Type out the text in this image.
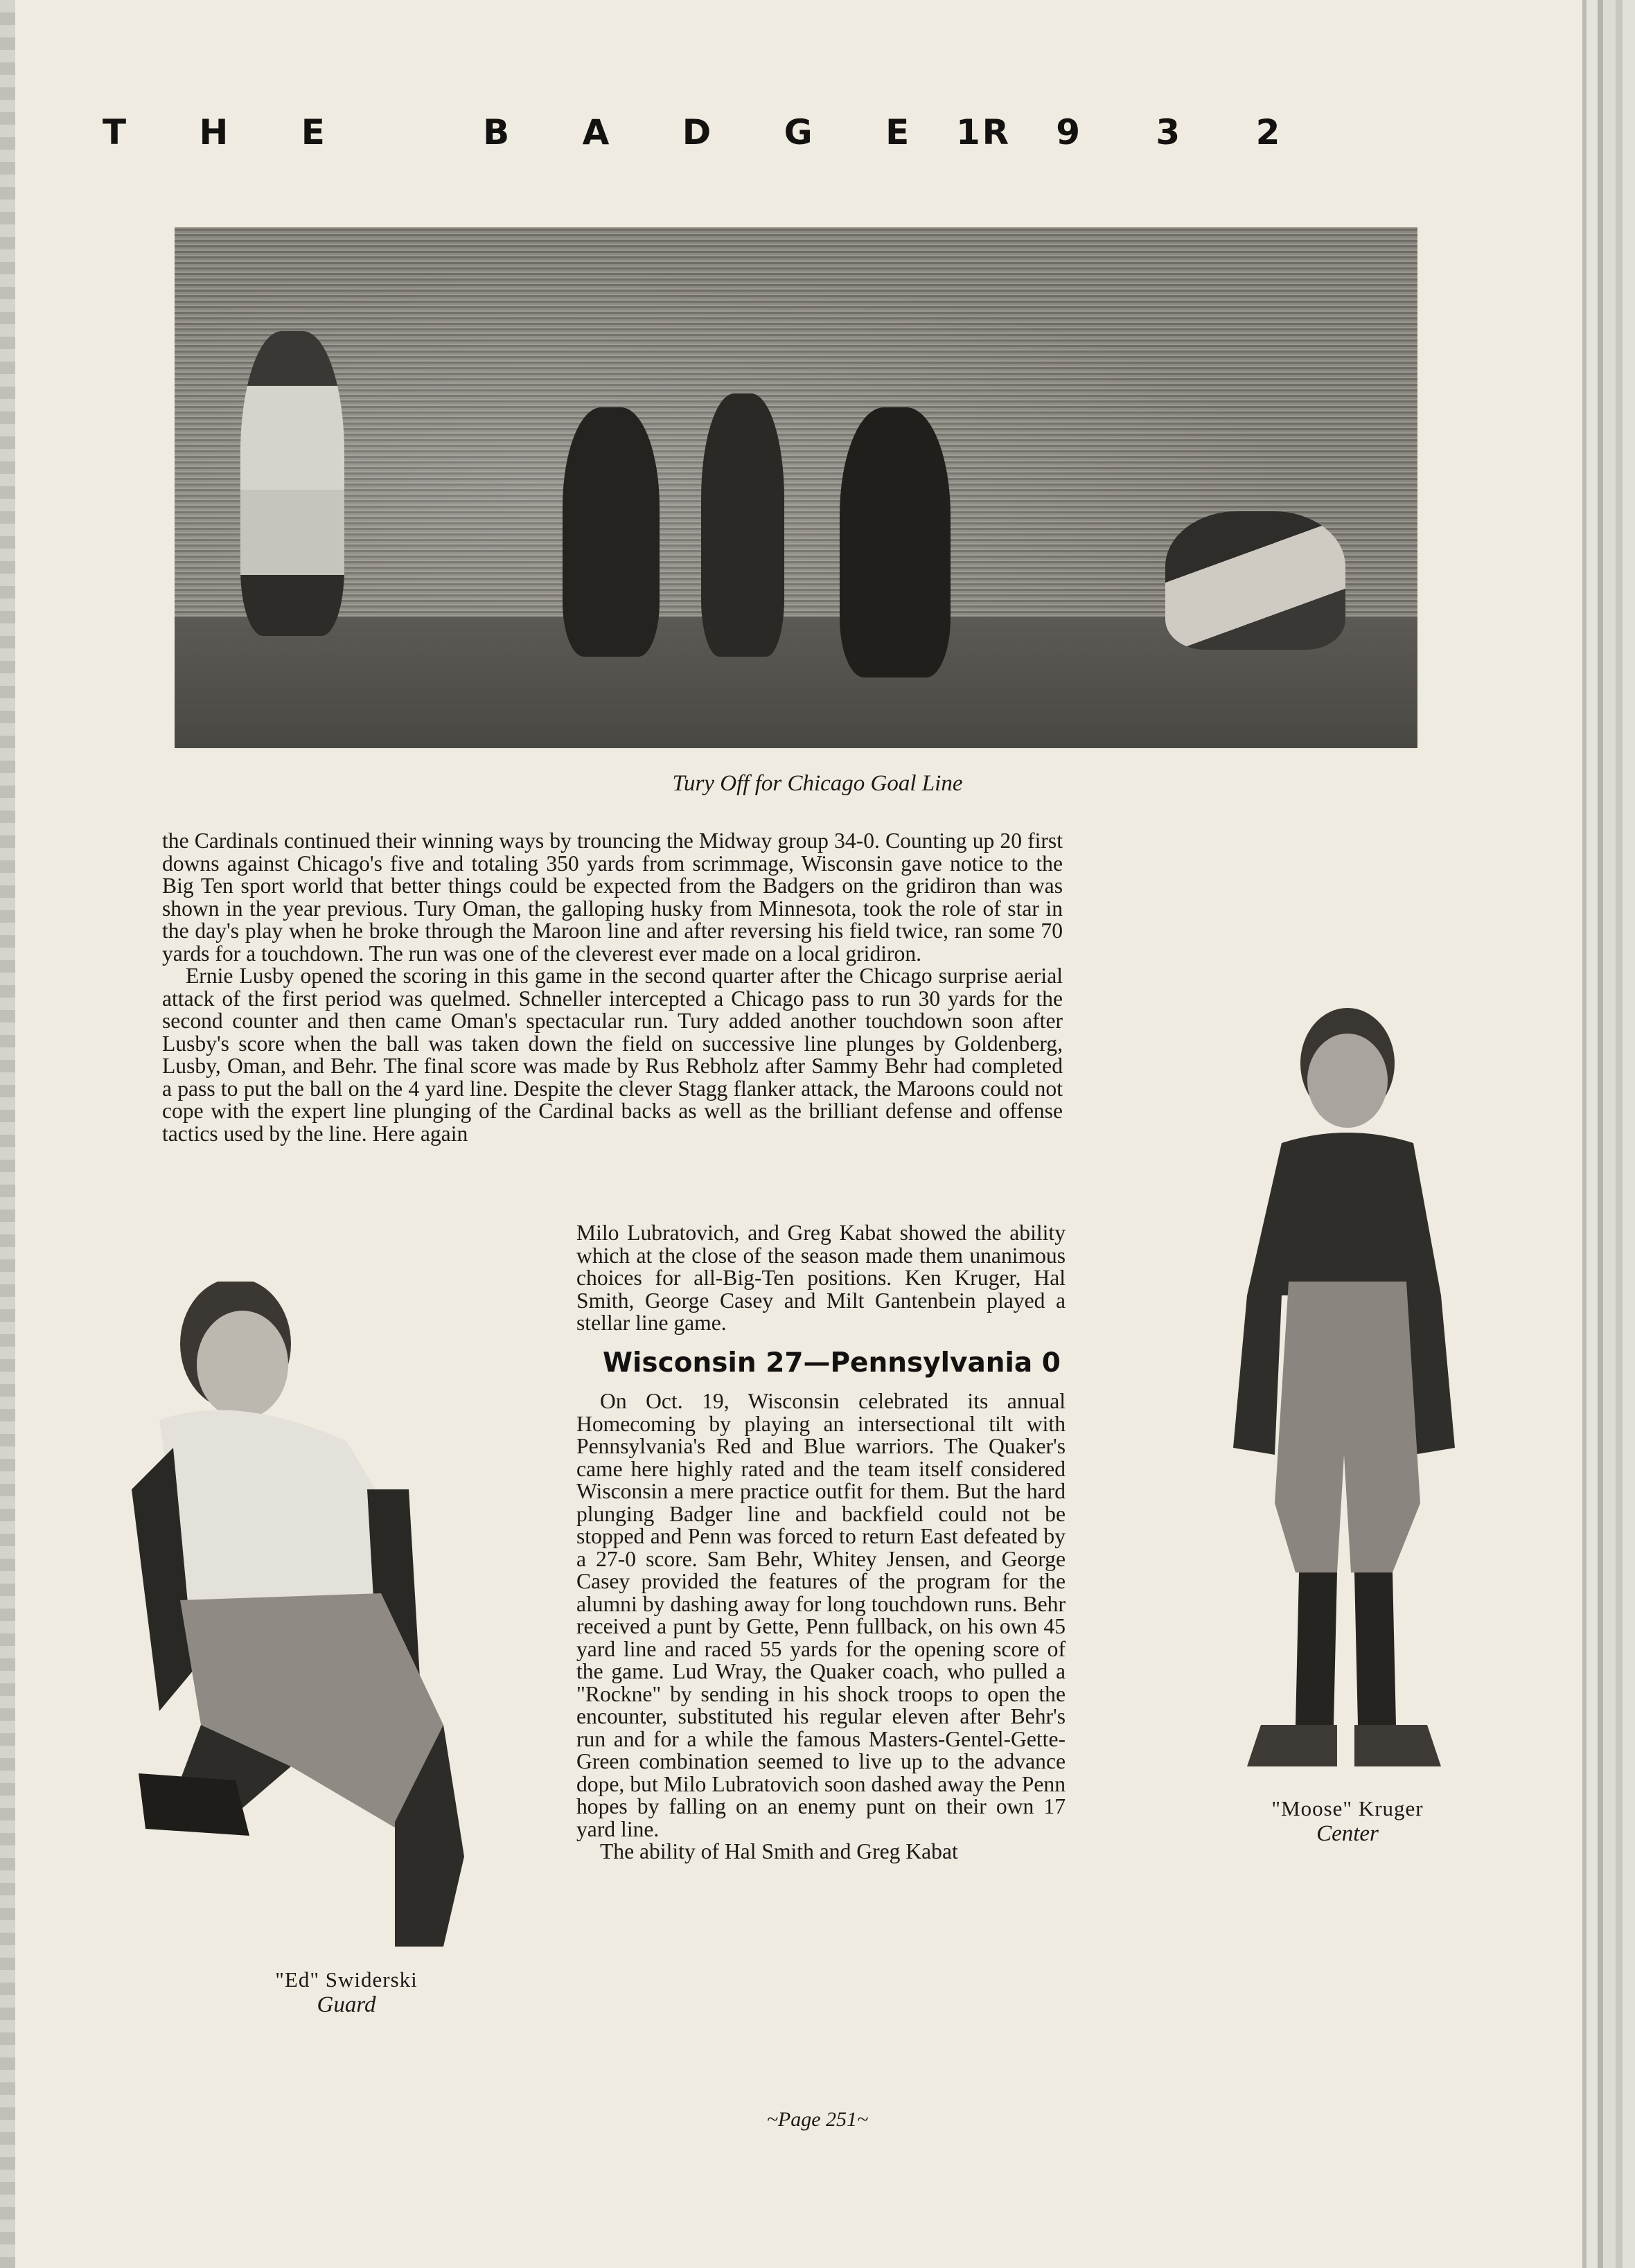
T H E   B A D G E R
1 9 3 2
Tury Off for Chicago Goal Line

the Cardinals continued their winning ways by trouncing the Midway group 34-0. Counting up 20 first downs against Chicago's five and totaling 350 yards from scrimmage, Wisconsin gave notice to the Big Ten sport world that better things could be expected from the Badgers on the gridiron than was shown in the year previous. Tury Oman, the galloping husky from Minnesota, took the role of star in the day's play when he broke through the Maroon line and after reversing his field twice, ran some 70 yards for a touchdown. The run was one of the cleverest ever made on a local gridiron.

Ernie Lusby opened the scoring in this game in the second quarter after the Chicago surprise aerial attack of the first period was quelmed. Schneller intercepted a Chicago pass to run 30 yards for the second counter and then came Oman's spectacular run. Tury added another touchdown soon after Lusby's score when the ball was taken down the field on successive line plunges by Goldenberg, Lusby, Oman, and Behr. The final score was made by Rus Rebholz after Sammy Behr had completed a pass to put the ball on the 4 yard line. Despite the clever Stagg flanker attack, the Maroons could not cope with the expert line plunging of the Cardinal backs as well as the brilliant defense and offense tactics used by the line. Here again

Milo Lubratovich, and Greg Kabat showed the ability which at the close of the season made them unanimous choices for all-Big-Ten positions. Ken Kruger, Hal Smith, George Casey and Milt Gantenbein played a stellar line game.
Wisconsin 27—Pennsylvania 0

On Oct. 19, Wisconsin celebrated its annual Homecoming by playing an intersectional tilt with Pennsylvania's Red and Blue warriors. The Quaker's came here highly rated and the team itself considered Wisconsin a mere practice outfit for them. But the hard plunging Badger line and backfield could not be stopped and Penn was forced to return East defeated by a 27-0 score. Sam Behr, Whitey Jensen, and George Casey provided the features of the program for the alumni by dashing away for long touchdown runs. Behr received a punt by Gette, Penn fullback, on his own 45 yard line and raced 55 yards for the opening score of the game. Lud Wray, the Quaker coach, who pulled a "Rockne" by sending in his shock troops to open the encounter, substituted his regular eleven after Behr's run and for a while the famous Masters-Gentel-Gette-Green combination seemed to live up to the advance dope, but Milo Lubratovich soon dashed away the Penn hopes by falling on an enemy punt on their own 17 yard line.

The ability of Hal Smith and Greg Kabat

"Ed" Swiderski
Guard
"Moose" Kruger
Center
~Page 251~
